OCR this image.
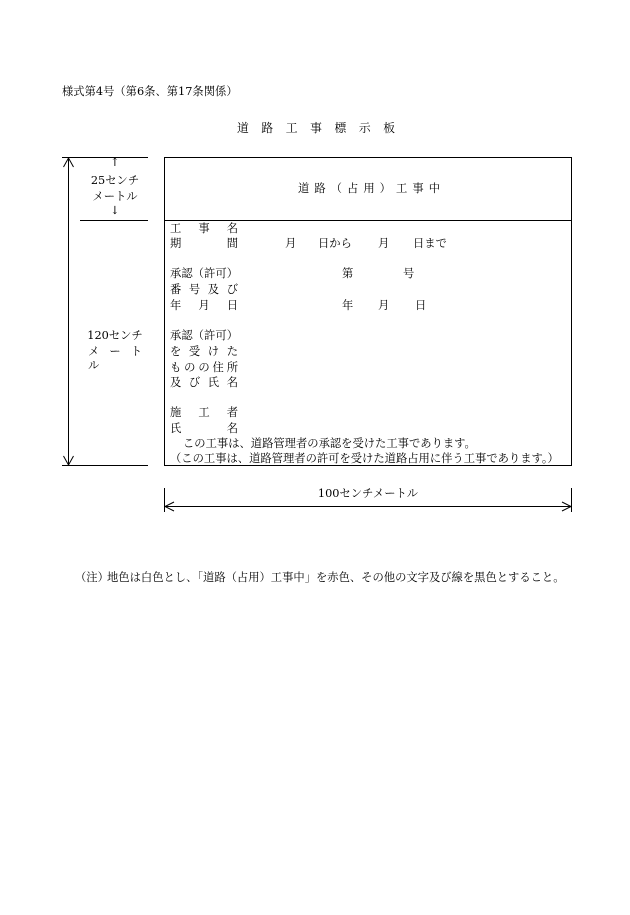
様式第4号（第6条、第17条関係）
道 路 工 事 標 示 板
↑
25センチ
メートル
↓
120センチ
メ ー ト ル
道 路 （ 占 用 ） 工 事 中
工 事 名
期 間	月 日から 月 日まで
承認（許可）	第	号
番 号 及 び
年 月 日	年 月 日
承認（許可）
を 受 け た
ものの住所
及 び 氏 名
施 工 者
氏 名
この工事は、道路管理者の承認を受けた工事であります。
（この工事は、道路管理者の許可を受けた道路占用に伴う工事であります。）
100センチメートル
（注）
地色は白色とし、「道路（占用）工事中」を赤色、その他の文字及び線を黒色とすること。
